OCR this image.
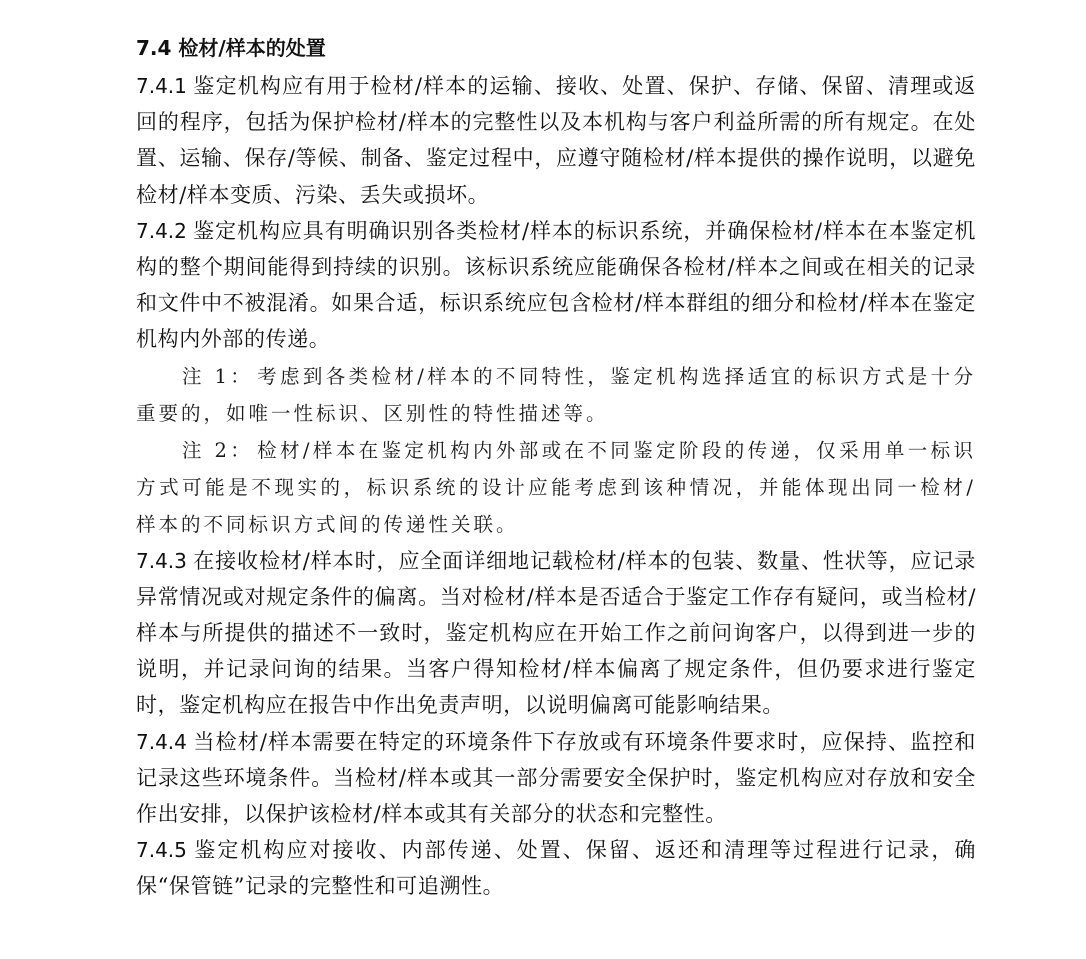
7.4 检材/样本的处置

7.4.1 鉴定机构应有用于检材/样本的运输、接收、处置、保护、存储、保留、清理或返回的程序，包括为保护检材/样本的完整性以及本机构与客户利益所需的所有规定。在处置、运输、保存/等候、制备、鉴定过程中，应遵守随检材/样本提供的操作说明，以避免检材/样本变质、污染、丢失或损坏。

7.4.2 鉴定机构应具有明确识别各类检材/样本的标识系统，并确保检材/样本在本鉴定机构的整个期间能得到持续的识别。该标识系统应能确保各检材/样本之间或在相关的记录和文件中不被混淆。如果合适，标识系统应包含检材/样本群组的细分和检材/样本在鉴定机构内外部的传递。

注 1： 考虑到各类检材/样本的不同特性，鉴定机构选择适宜的标识方式是十分重要的，如唯一性标识、区别性的特性描述等。

注 2： 检材/样本在鉴定机构内外部或在不同鉴定阶段的传递，仅采用单一标识方式可能是不现实的，标识系统的设计应能考虑到该种情况，并能体现出同一检材/样本的不同标识方式间的传递性关联。

7.4.3 在接收检材/样本时，应全面详细地记载检材/样本的包装、数量、性状等，应记录异常情况或对规定条件的偏离。当对检材/样本是否适合于鉴定工作存有疑问，或当检材/样本与所提供的描述不一致时，鉴定机构应在开始工作之前问询客户，以得到进一步的说明，并记录问询的结果。当客户得知检材/样本偏离了规定条件，但仍要求进行鉴定时，鉴定机构应在报告中作出免责声明，以说明偏离可能影响结果。

7.4.4 当检材/样本需要在特定的环境条件下存放或有环境条件要求时，应保持、监控和记录这些环境条件。当检材/样本或其一部分需要安全保护时，鉴定机构应对存放和安全作出安排，以保护该检材/样本或其有关部分的状态和完整性。

7.4.5 鉴定机构应对接收、内部传递、处置、保留、返还和清理等过程进行记录，确保“保管链”记录的完整性和可追溯性。
